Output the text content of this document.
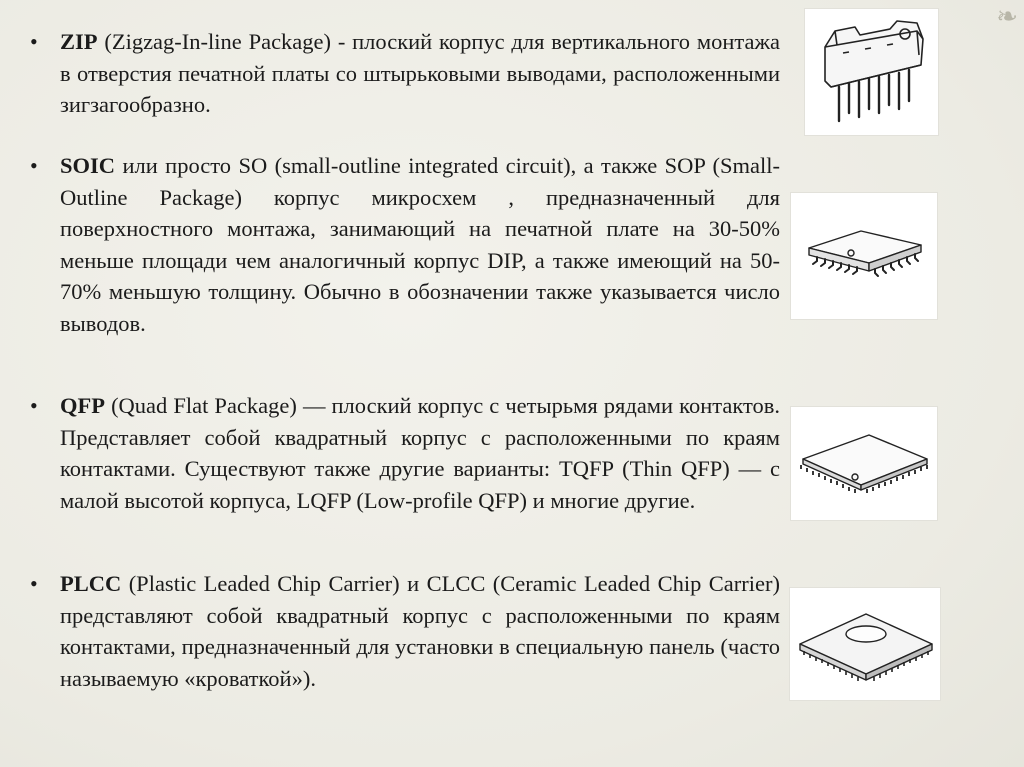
❧

• ZIP (Zigzag-In-line Package) - плоский корпус для вертикального монтажа в отверстия печатной платы со штырьковыми выводами, расположенными зигзагообразно.

• SOIC или просто SO (small-outline integrated circuit), а также SOP (Small-Outline Package) корпус микросхем , предназначенный для поверхностного монтажа, занимающий на печатной плате на 30-50% меньше площади чем аналогичный корпус DIP, а также имеющий на 50-70% меньшую толщину. Обычно в обозначении также указывается число выводов.

• QFP (Quad Flat Package) — плоский корпус с четырьмя рядами контактов. Представляет собой квадратный корпус с расположенными по краям контактами. Существуют также другие варианты: TQFP (Thin QFP) — с малой высотой корпуса, LQFP (Low-profile QFP) и многие другие.

• PLCC (Plastic Leaded Chip Carrier) и CLCC (Ceramic Leaded Chip Carrier) представляют собой квадратный корпус с расположенными по краям контактами, предназначенный для установки в специальную панель (часто называемую «кроваткой»).
